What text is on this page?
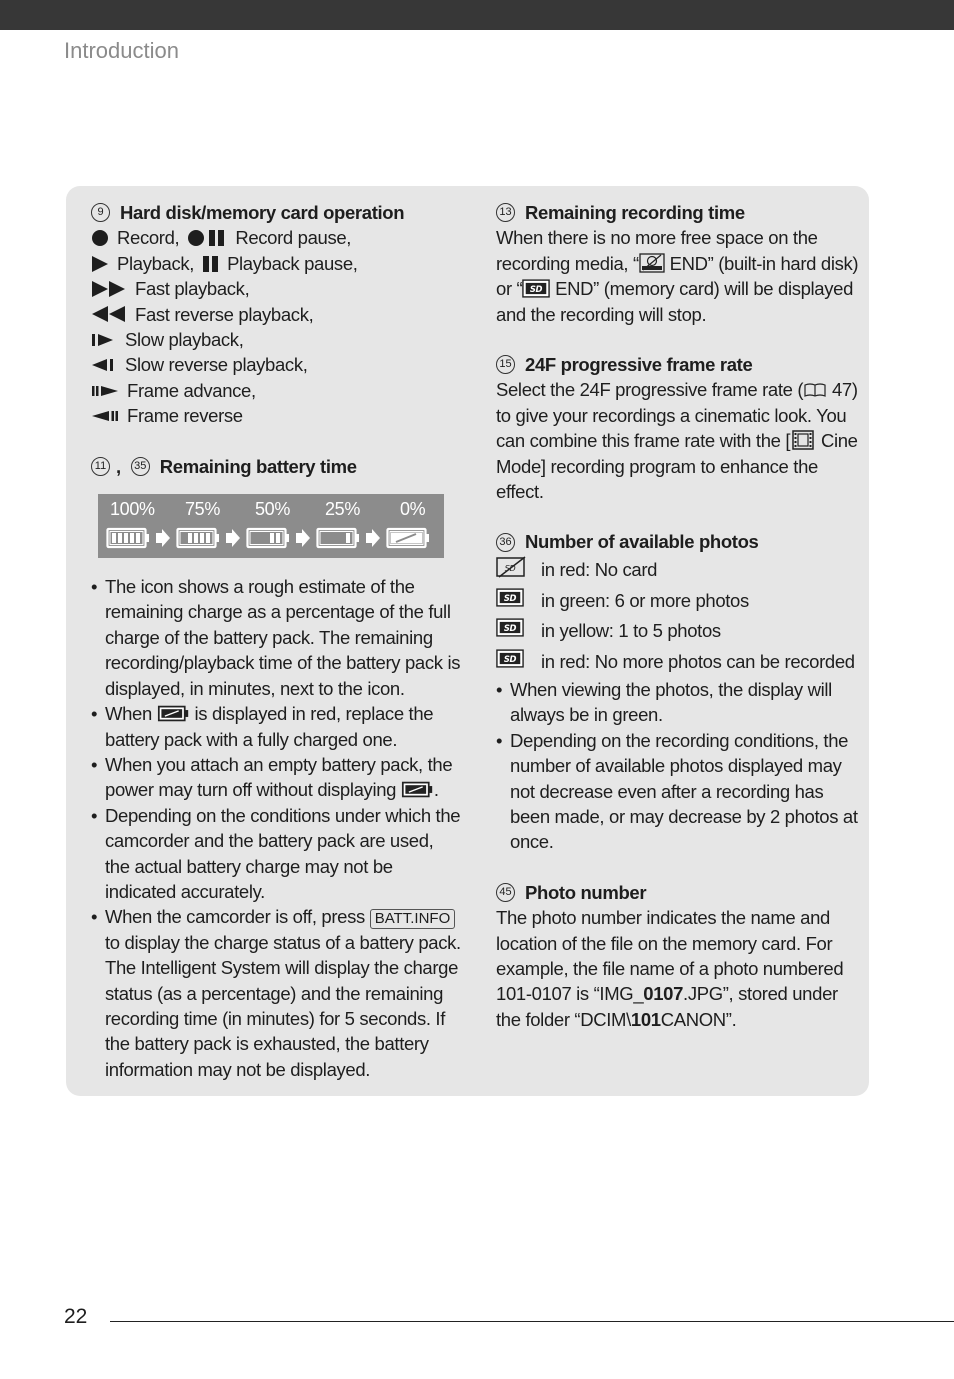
Introduction
9 Hard disk/memory card operation
Record,	Record pause,
Playback, Playback pause,
Fast playback,
Fast reverse playback,
Slow playback,
Slow reverse playback,
Frame advance,
Frame reverse
11 ,	35 Remaining battery time
100% 75% 50% 25% 0%
• The icon shows a rough estimate of the remaining charge as a percentage of the full charge of the battery pack. The remaining recording/playback time of the battery pack is displayed, in minutes, next to the icon.
• When is displayed in red, replace the battery pack with a fully charged one.
• When you attach an empty battery pack, the power may turn off without displaying .
• Depending on the conditions under which the camcorder and the battery pack are used, the actual battery charge may not be indicated accurately.
• When the camcorder is off, press BATT.INFO to display the charge status of a battery pack. The Intelligent System will display the charge status (as a percentage) and the remaining recording time (in minutes) for 5 seconds. If the battery pack is exhausted, the battery information may not be displayed.
13 Remaining recording time
When there is no more free space on the recording media, “ END” (built-in hard disk) or “ END” (memory card) will be displayed and the recording will stop.
15 24F progressive frame rate
Select the 24F progressive frame rate ( 47) to give your recordings a cinematic look. You can combine this frame rate with the [ Cine Mode] recording program to enhance the effect.
36 Number of available photos
in red: No card
in green: 6 or more photos
in yellow: 1 to 5 photos
in red: No more photos can be recorded
• When viewing the photos, the display will always be in green.
• Depending on the recording conditions, the number of available photos displayed may not decrease even after a recording has been made, or may decrease by 2 photos at once.
45 Photo number
The photo number indicates the name and location of the file on the memory card. For example, the file name of a photo numbered 101-0107 is “IMG_0107.JPG”, stored under the folder “DCIM\101CANON”.
22
